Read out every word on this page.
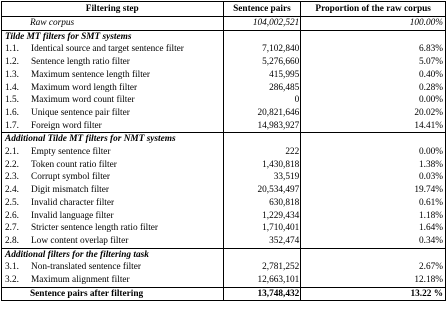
Filtering step	Sentence pairs	Proportion of the raw corpus
Raw corpus	104,002,521	100.00%
Tilde MT filters for SMT systems		
1.1. Identical source and target sentence filter	7,102,840	6.83%
1.2. Sentence length ratio filter	5,276,660	5.07%
1.3. Maximum sentence length filter	415,995	0.40%
1.4. Maximum word length filter	286,485	0.28%
1.5. Maximum word count filter	0	0.00%
1.6. Unique sentence pair filter	20,821,646	20.02%
1.7. Foreign word filter	14,983,927	14.41%
Additional Tilde MT filters for NMT systems		
2.1. Empty sentence filter	222	0.00%
2.2. Token count ratio filter	1,430,818	1.38%
2.3. Corrupt symbol filter	33,519	0.03%
2.4. Digit mismatch filter	20,534,497	19.74%
2.5. Invalid character filter	630,818	0.61%
2.6. Invalid language filter	1,229,434	1.18%
2.7. Stricter sentence length ratio filter	1,710,401	1.64%
2.8. Low content overlap filter	352,474	0.34%
Additional filters for the filtering task		
3.1. Non-translated sentence filter	2,781,252	2.67%
3.2. Maximum alignment filter	12,663,101	12.18%
Sentence pairs after filtering	13,748,432	13.22 %
